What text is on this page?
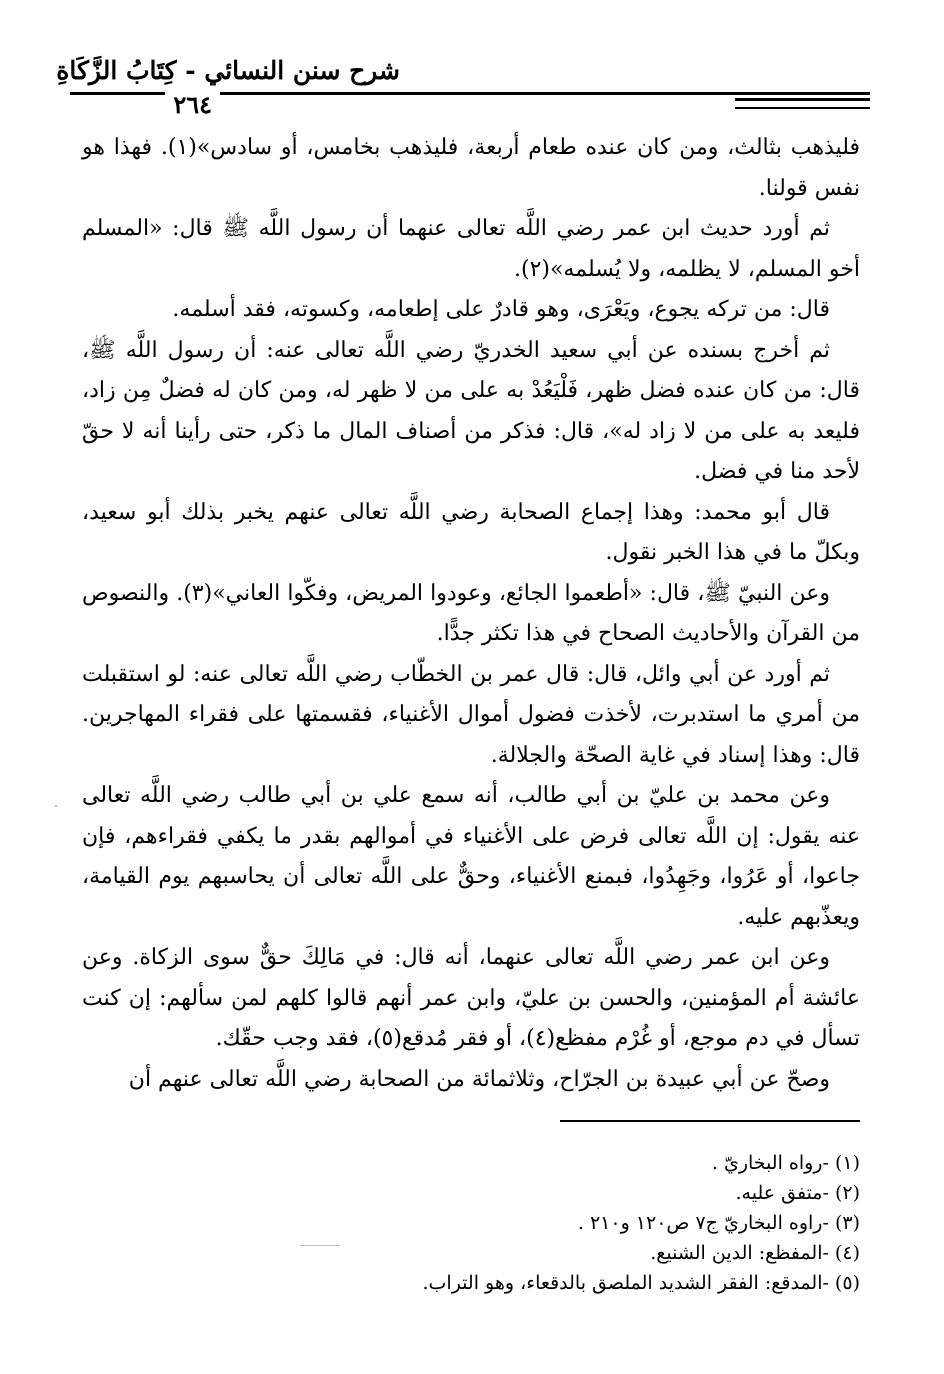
شرح سنن النسائي - كِتَابُ الزَّكَاةِ
٢٦٤

فليذهب بثالث، ومن كان عنده طعام أربعة، فليذهب بخامس، أو سادس»(١). فهذا هو نفس قولنا.

ثم أورد حديث ابن عمر رضي اللَّه تعالى عنهما أن رسول اللَّه ﷺ قال: «المسلم أخو المسلم، لا يظلمه، ولا يُسلمه»(٢).

قال: من تركه يجوع، ويَعْرَى، وهو قادرٌ على إطعامه، وكسوته، فقد أسلمه.

ثم أخرج بسنده عن أبي سعيد الخدريّ رضي اللَّه تعالى عنه: أن رسول اللَّه ﷺ، قال: من كان عنده فضل ظهر، فَلْيَعُدْ به على من لا ظهر له، ومن كان له فضلٌ مِن زاد، فليعد به على من لا زاد له»، قال: فذكر من أصناف المال ما ذكر، حتى رأينا أنه لا حقّ لأحد منا في فضل.

قال أبو محمد: وهذا إجماع الصحابة رضي اللَّه تعالى عنهم يخبر بذلك أبو سعيد، وبكلّ ما في هذا الخبر نقول.

وعن النبيّ ﷺ، قال: «أطعموا الجائع، وعودوا المريض، وفكّوا العاني»(٣). والنصوص من القرآن والأحاديث الصحاح في هذا تكثر جدًّا.

ثم أورد عن أبي وائل، قال: قال عمر بن الخطّاب رضي اللَّه تعالى عنه: لو استقبلت من أمري ما استدبرت، لأخذت فضول أموال الأغنياء، فقسمتها على فقراء المهاجرين. قال: وهذا إسناد في غاية الصحّة والجلالة.

وعن محمد بن عليّ بن أبي طالب، أنه سمع علي بن أبي طالب رضي اللَّه تعالى عنه يقول: إن اللَّه تعالى فرض على الأغنياء في أموالهم بقدر ما يكفي فقراءهم، فإن جاعوا، أو عَرُوا، وجَهِدُوا، فبمنع الأغنياء، وحقٌّ على اللَّه تعالى أن يحاسبهم يوم القيامة، ويعذّبهم عليه.

وعن ابن عمر رضي اللَّه تعالى عنهما، أنه قال: في مَالِكَ حقٌّ سوى الزكاة. وعن عائشة أم المؤمنين، والحسن بن عليّ، وابن عمر أنهم قالوا كلهم لمن سألهم: إن كنت تسأل في دم موجع، أو غُرْم مفظع(٤)، أو فقر مُدقع(٥)، فقد وجب حقّك.

وصحّ عن أبي عبيدة بن الجرّاح، وثلاثمائة من الصحابة رضي اللَّه تعالى عنهم أن

(١) -رواه البخاريّ .
(٢) -متفق عليه.
(٣) -راوه البخاريّ ج٧ ص١٢٠ و٢١٠ .
(٤) -المفظع: الدين الشنيع.
(٥) -المدقع: الفقر الشديد الملصق بالدقعاء، وهو التراب.
